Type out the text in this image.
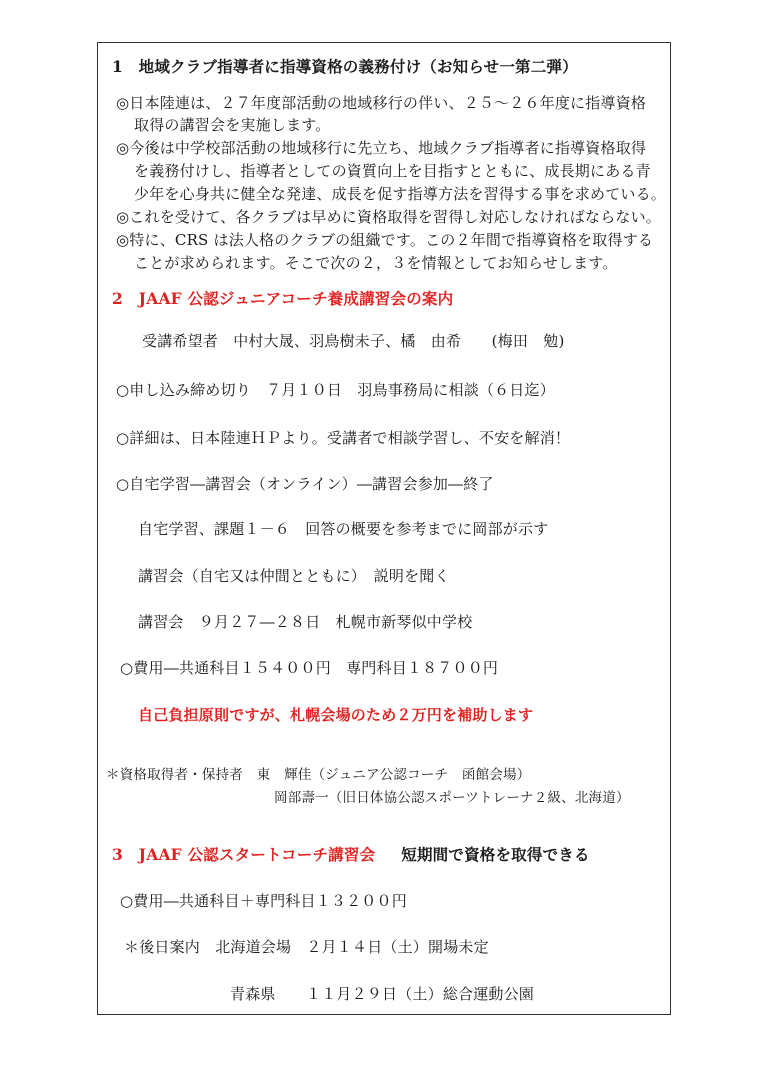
1　地域クラブ指導者に指導資格の義務付け（お知らせ一第二弾）
◎日本陸連は、２７年度部活動の地域移行の伴い、２５～２６年度に指導資格
取得の講習会を実施します。
◎今後は中学校部活動の地域移行に先立ち、地域クラブ指導者に指導資格取得
を義務付けし、指導者としての資質向上を目指すとともに、成長期にある青
少年を心身共に健全な発達、成長を促す指導方法を習得する事を求めている。
◎これを受けて、各クラブは早めに資格取得を習得し対応しなければならない。
◎特に、CRS は法人格のクラブの組織です。この２年間で指導資格を取得する
ことが求められます。そこで次の２，３を情報としてお知らせします。
2　JAAF 公認ジュニアコーチ養成講習会の案内
受講希望者　中村大晟、羽鳥樹未子、橘　由希　　(梅田　勉)
○申し込み締め切り　７月１０日　羽鳥事務局に相談（６日迄）
○詳細は、日本陸連ＨＰより。受講者で相談学習し、不安を解消！
○自宅学習―講習会（オンライン）―講習会参加―終了
自宅学習、課題１－６　回答の概要を参考までに岡部が示す
講習会（自宅又は仲間とともに）　説明を聞く
講習会　９月２７―２８日　札幌市新琴似中学校
○費用―共通科目１５４００円　専門科目１８７００円
自己負担原則ですが、札幌会場のため２万円を補助します
＊資格取得者・保持者　東　輝佳（ジュニア公認コーチ　函館会場）
岡部壽一（旧日体協公認スポーツトレーナ２級、北海道）
3　JAAF 公認スタートコーチ講習会 短期間で資格を取得できる
○費用―共通科目＋専門科目１３２００円
＊後日案内　北海道会場　２月１４日（土）開場未定
青森県　　１１月２９日（土）総合運動公園
